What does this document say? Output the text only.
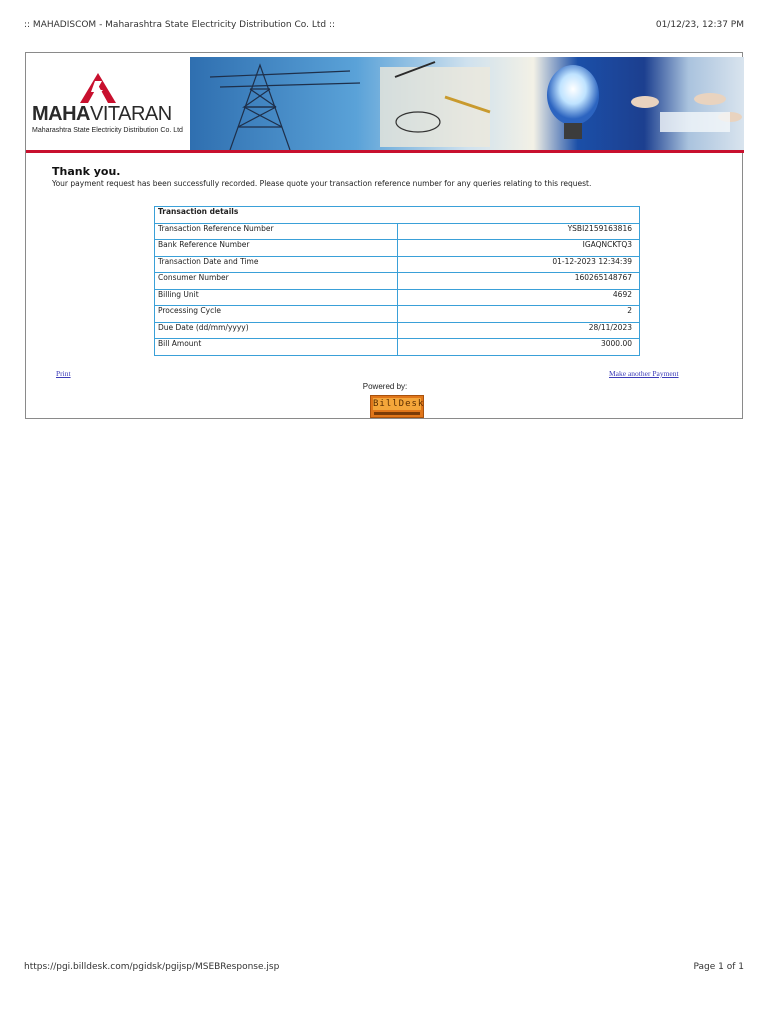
:: MAHADISCOM - Maharashtra State Electricity Distribution Co. Ltd ::	01/12/23, 12:37 PM
MAHAVITARAN
Maharashtra State Electricity Distribution Co. Ltd
Thank you.
Your payment request has been successfully recorded. Please quote your transaction reference number for any queries relating to this request.
Transaction details	
Transaction Reference Number	YSBI2159163816
Bank Reference Number	IGAQNCKTQ3
Transaction Date and Time	01-12-2023 12:34:39
Consumer Number	160265148767
Billing Unit	4692
Processing Cycle	2
Due Date (dd/mm/yyyy)	28/11/2023
Bill Amount	3000.00
Print	Make another Payment
Powered by:
BillDesk
https://pgi.billdesk.com/pgidsk/pgijsp/MSEBResponse.jsp	Page 1 of 1
